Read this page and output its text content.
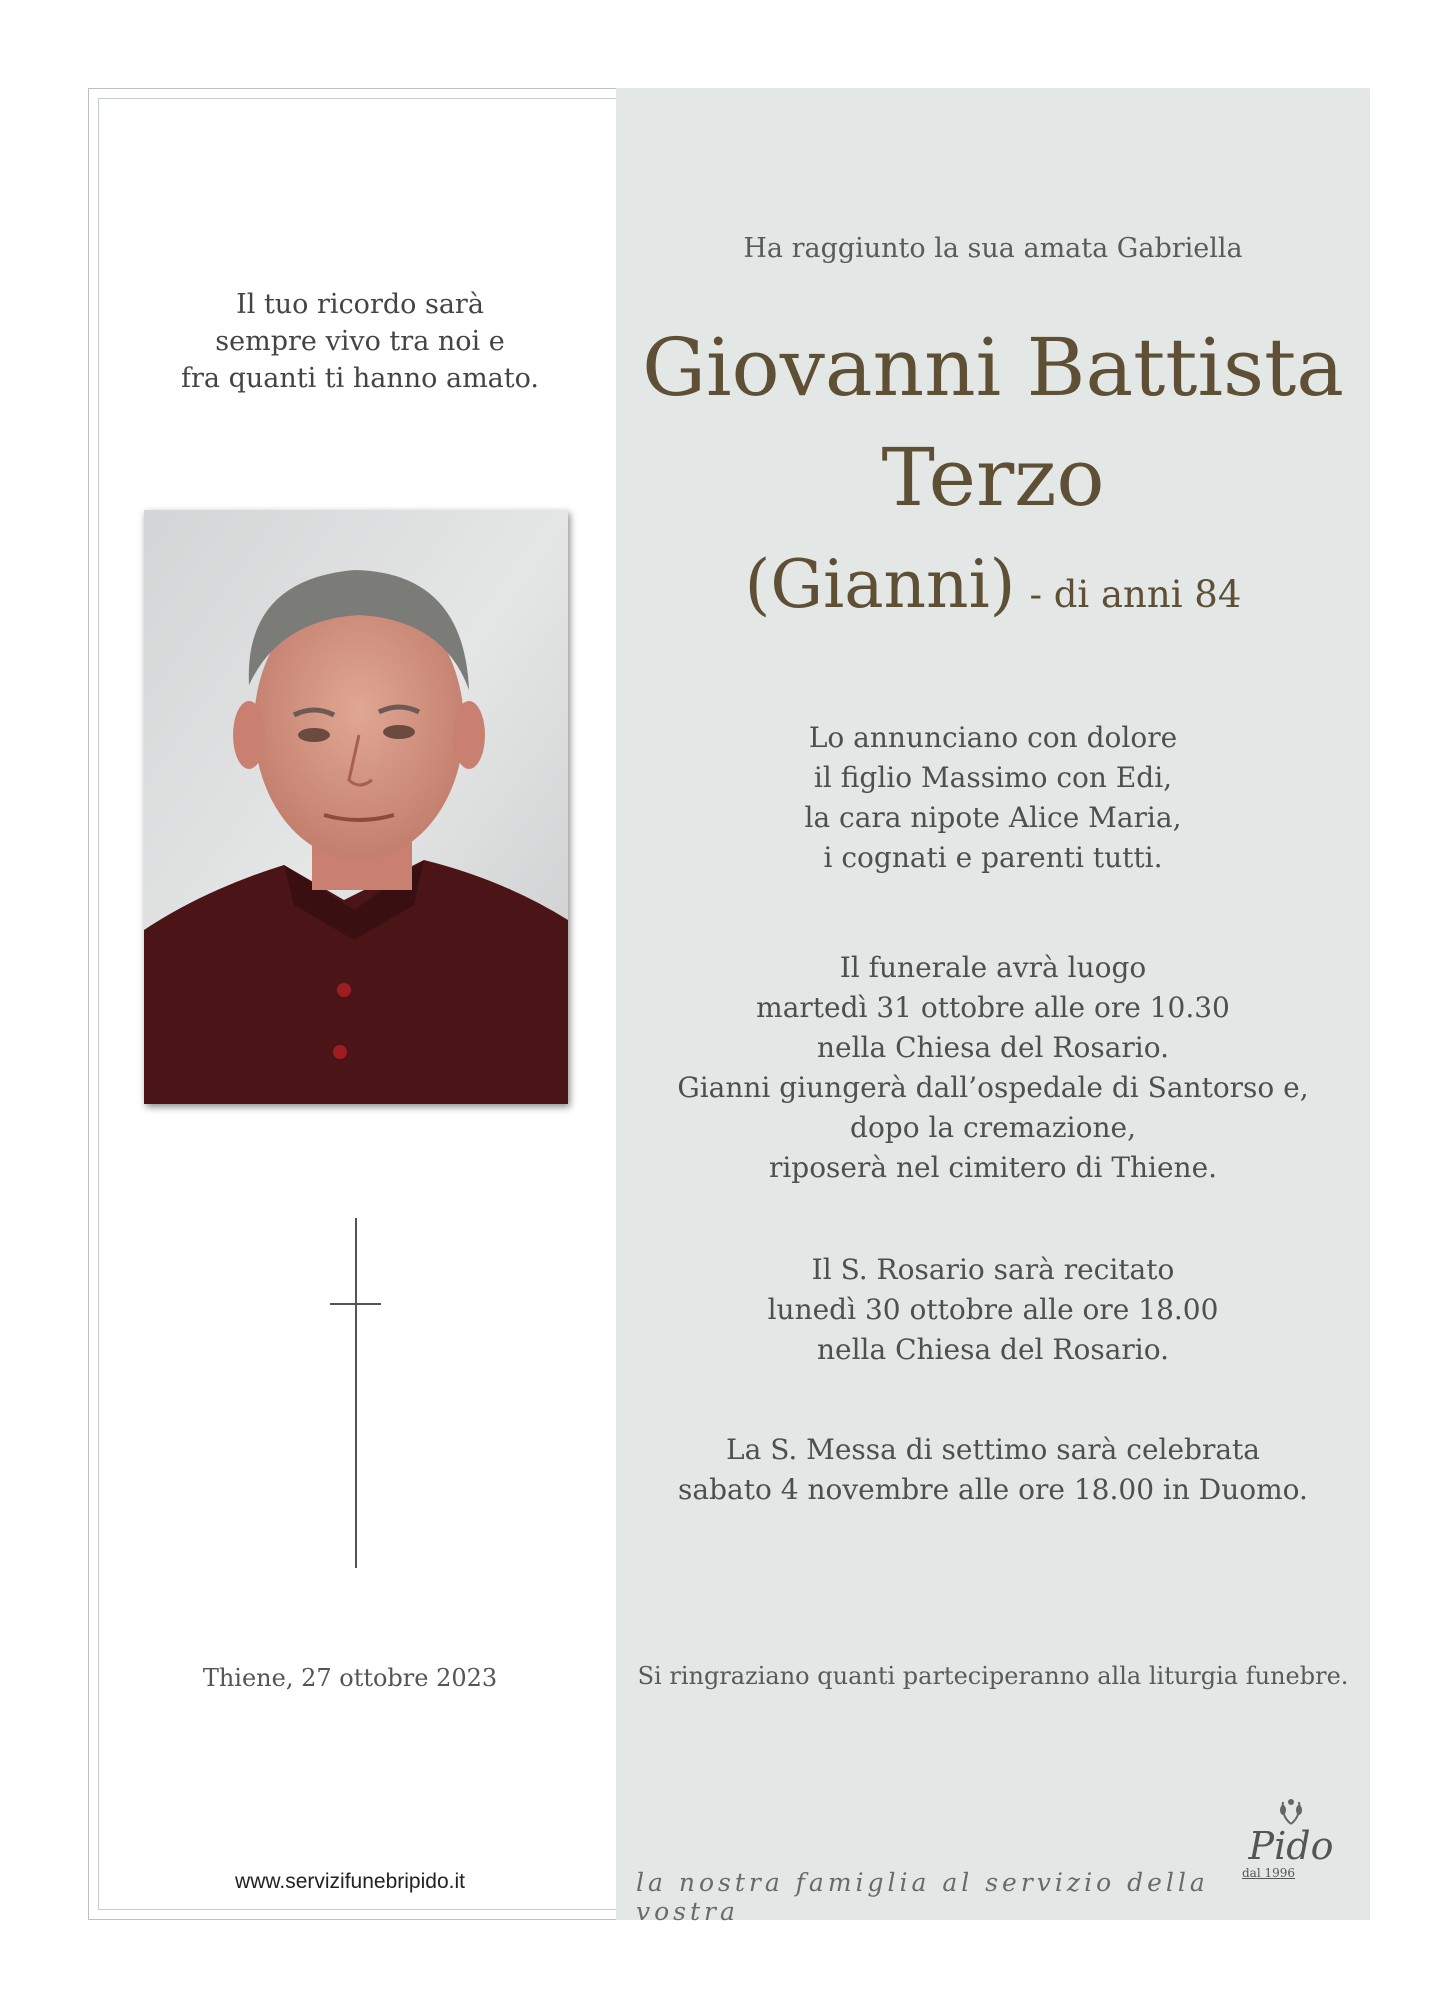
Il tuo ricordo sarà
sempre vivo tra noi e
fra quanti ti hanno amato.
Thiene, 27 ottobre 2023
www.servizifunebripido.it
Ha raggiunto la sua amata Gabriella
Giovanni Battista
Terzo
(Gianni) - di anni 84
Lo annunciano con dolore
il figlio Massimo con Edi,
la cara nipote Alice Maria,
i cognati e parenti tutti.
Il funerale avrà luogo
martedì 31 ottobre alle ore 10.30
nella Chiesa del Rosario.
Gianni giungerà dall’ospedale di Santorso e,
dopo la cremazione,
riposerà nel cimitero di Thiene.
Il S. Rosario sarà recitato
lunedì 30 ottobre alle ore 18.00
nella Chiesa del Rosario.
La S. Messa di settimo sarà celebrata
sabato 4 novembre alle ore 18.00 in Duomo.
Si ringraziano quanti parteciperanno alla liturgia funebre.
la nostra famiglia al servizio della vostra
Pido
dal 1996
